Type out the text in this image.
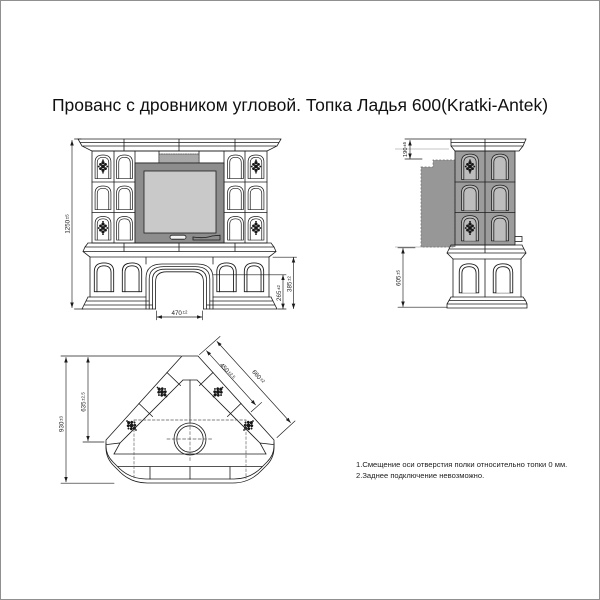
Прованс с дровником угловой. Топка Ладья 600(Kratki-Antek)
1250±5
470±2
265±2 385±2
$190^{\pm 5}$
605±5
930±3
635±2.5
450±2.5 660±2
1.Смещение оси отверстия полки относительно топки 0 мм.
2.Заднее подключение невозможно.
